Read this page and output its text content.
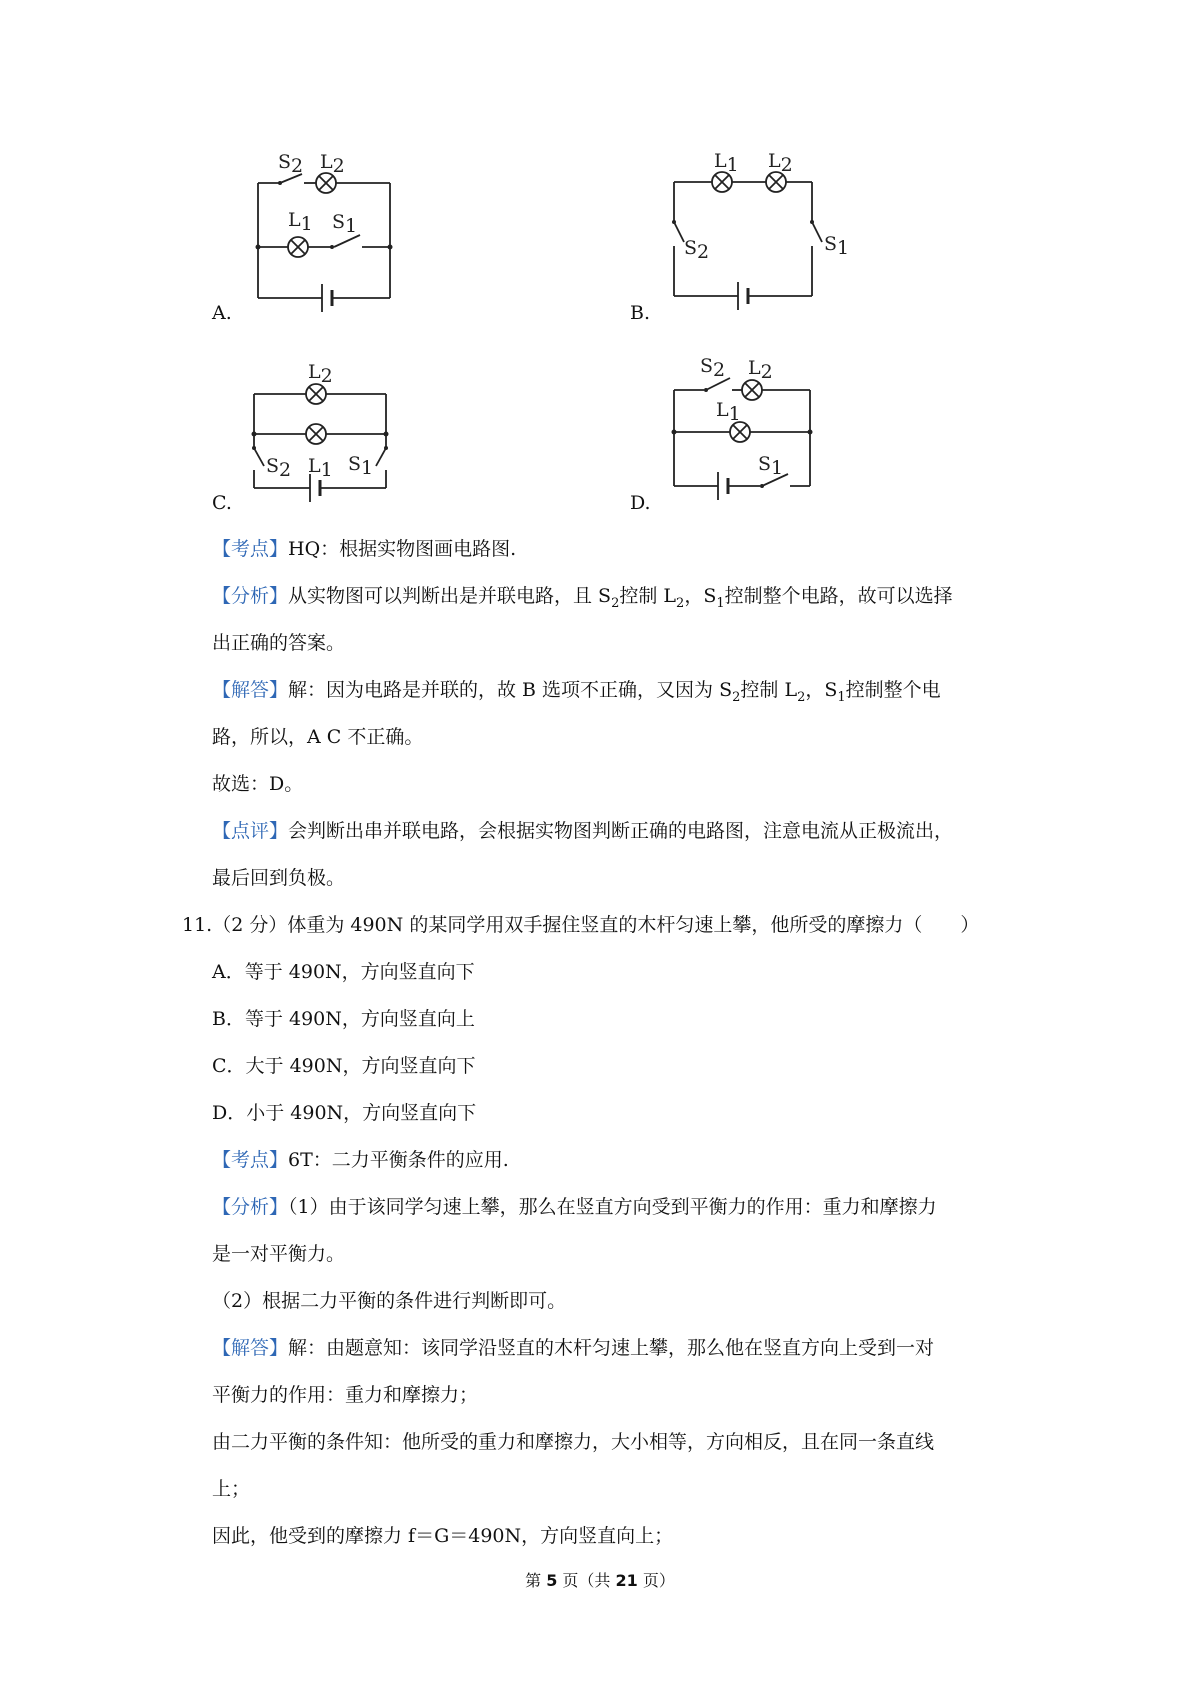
S2 L2
L1 S1
A.
L1 L2
S2	S1
B.
L2
L1
S2	S1
C.
S2 L2
L1
S1
D.
【考点】HQ：根据实物图画电路图.
【分析】从实物图可以判断出是并联电路，且 $S_2$控制 $L_2$，$S_1$控制整个电路，故可以选择
出正确的答案。
【解答】解：因为电路是并联的，故 B 选项不正确，又因为 $S_2$控制 $L_2$，$S_1$控制整个电
路，所以，A C 不正确。
故选：D。
【点评】会判断出串并联电路，会根据实物图判断正确的电路图，注意电流从正极流出，
最后回到负极。
11.（2 分）体重为 490N 的某同学用双手握住竖直的木杆匀速上攀，他所受的摩擦力（　　）
A．等于 490N，方向竖直向下
B．等于 490N，方向竖直向上
C．大于 490N，方向竖直向下
D．小于 490N，方向竖直向下
【考点】6T：二力平衡条件的应用.
【分析】（1）由于该同学匀速上攀，那么在竖直方向受到平衡力的作用：重力和摩擦力
是一对平衡力。
（2）根据二力平衡的条件进行判断即可。
【解答】解：由题意知：该同学沿竖直的木杆匀速上攀，那么他在竖直方向上受到一对
平衡力的作用：重力和摩擦力；
由二力平衡的条件知：他所受的重力和摩擦力，大小相等，方向相反，且在同一条直线
上；
因此，他受到的摩擦力 f＝G＝490N，方向竖直向上；
第 5 页（共 21 页）
